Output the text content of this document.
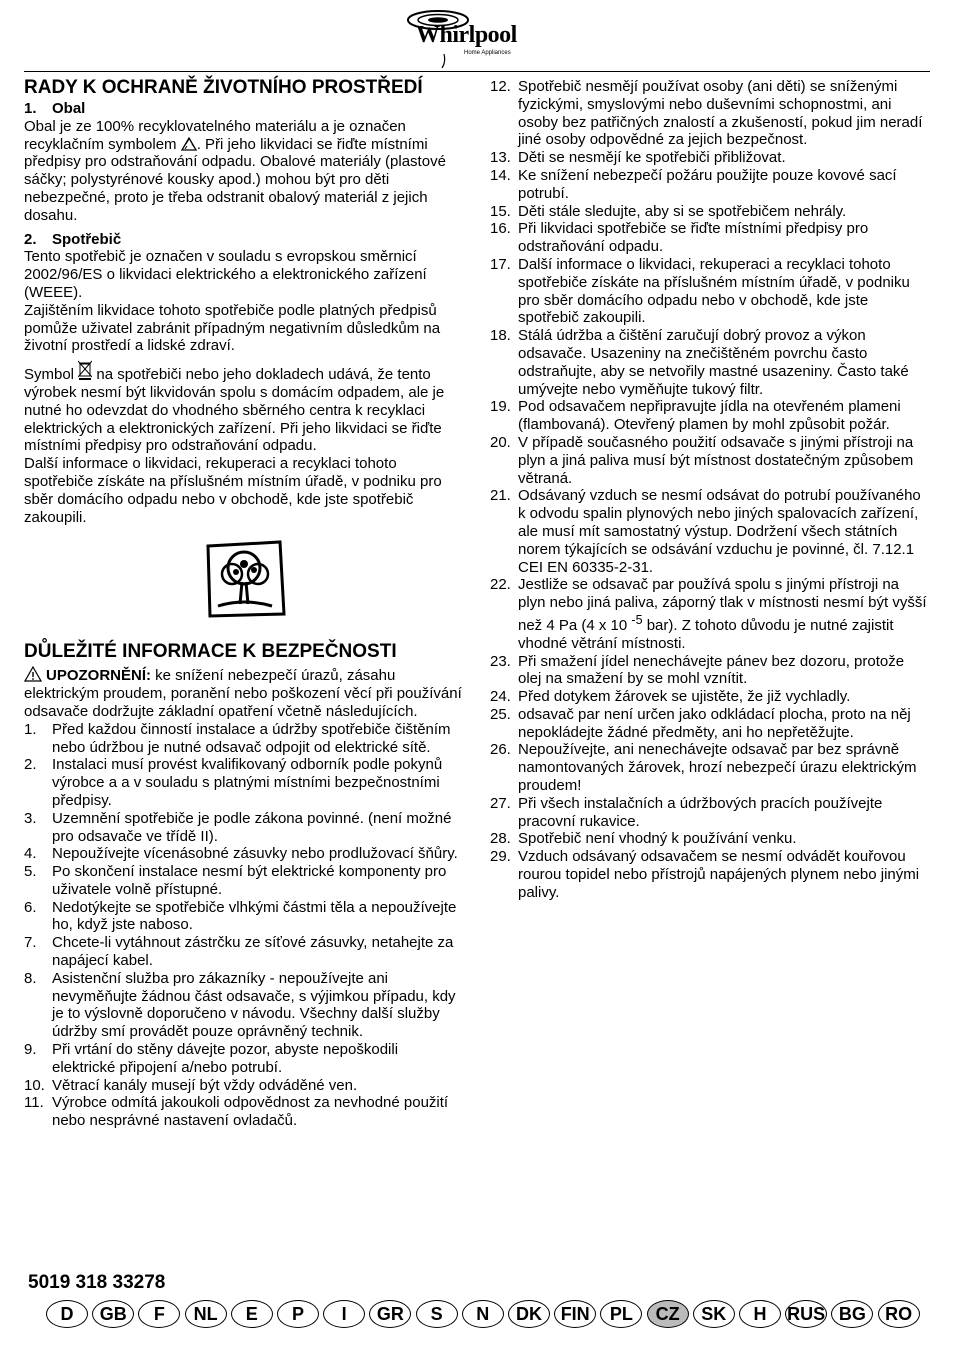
Whirlpool
Home Appliances
RADY K OCHRANĚ ŽIVOTNÍHO PROSTŘEDÍ

1. Obal

Obal je ze 100% recyklovatelného materiálu a je označen recyklačním symbolem . Při jeho likvidaci se řiďte místními předpisy pro odstraňování odpadu. Obalové materiály (plastové sáčky; polystyrénové kousky apod.) mohou být pro děti nebezpečné, proto je třeba odstranit obalový materiál z jejich dosahu.

2. Spotřebič

Tento spotřebič je označen v souladu s evropskou směrnicí 2002/96/ES o likvidaci elektrického a elektronického zařízení (WEEE).

Zajištěním likvidace tohoto spotřebiče podle platných předpisů pomůže uživatel zabránit případným negativním důsledkům na životní prostředí a lidské zdraví.

Symbol  na spotřebiči nebo jeho dokladech udává, že tento výrobek nesmí být likvidován spolu s domácím odpadem, ale je nutné ho odevzdat do vhodného sběrného centra k recyklaci elektrických a elektronických zařízení. Při jeho likvidaci se řiďte místními předpisy pro odstraňování odpadu.

Další informace o likvidaci, rekuperaci a recyklaci tohoto spotřebiče získáte na příslušném místním úřadě, v podniku pro sběr domácího odpadu nebo v obchodě, kde jste spotřebič zakoupili.

DŮLEŽITÉ INFORMACE K BEZPEČNOSTI

UPOZORNĚNÍ: ke snížení nebezpečí úrazů, zásahu elektrickým proudem, poranění nebo poškození věcí při používání odsavače dodržujte základní opatření včetně následujících.

1. Před každou činností instalace a údržby spotřebiče čištěním nebo údržbou je nutné odsavač odpojit od elektrické sítě.
2. Instalaci musí provést kvalifikovaný odborník podle pokynů výrobce a a v souladu s platnými místními bezpečnostními předpisy.
3. Uzemnění spotřebiče je podle zákona povinné. (není možné pro odsavače ve třídě II).
4. Nepoužívejte vícenásobné zásuvky nebo prodlužovací šňůry.
5. Po skončení instalace nesmí být elektrické komponenty pro uživatele volně přístupné.
6. Nedotýkejte se spotřebiče vlhkými částmi těla a nepoužívejte ho, když jste naboso.
7. Chcete-li vytáhnout zástrčku ze síťové zásuvky, netahejte za napájecí kabel.
8. Asistenční služba pro zákazníky - nepoužívejte ani nevyměňujte žádnou část odsavače, s výjimkou případu, kdy je to výslovně doporučeno v návodu. Všechny další služby údržby smí provádět pouze oprávněný technik.
9. Při vrtání do stěny dávejte pozor, abyste nepoškodili elektrické připojení a/nebo potrubí.
10. Větrací kanály musejí být vždy odváděné ven.
11. Výrobce odmítá jakoukoli odpovědnost za nevhodné použití nebo nesprávné nastavení ovladačů.
12. Spotřebič nesmějí používat osoby (ani děti) se sníženými fyzickými, smyslovými nebo duševními schopnostmi, ani osoby bez patřičných znalostí a zkušeností, pokud jim neradí jiné osoby odpovědné za jejich bezpečnost.
13. Děti se nesmějí ke spotřebiči přibližovat.
14. Ke snížení nebezpečí požáru použijte pouze kovové sací potrubí.
15. Děti stále sledujte, aby si se spotřebičem nehrály.
16. Při likvidaci spotřebiče se řiďte místními předpisy pro odstraňování odpadu.
17. Další informace o likvidaci, rekuperaci a recyklaci tohoto spotřebiče získáte na příslušném místním úřadě, v podniku pro sběr domácího odpadu nebo v obchodě, kde jste spotřebič zakoupili.
18. Stálá údržba a čištění zaručují dobrý provoz a výkon odsavače. Usazeniny na znečištěném povrchu často odstraňujte, aby se netvořily mastné usazeniny. Často také umývejte nebo vyměňujte tukový filtr.
19. Pod odsavačem nepřipravujte jídla na otevřeném plameni (flambovaná). Otevřený plamen by mohl způsobit požár.
20. V případě současného použití odsavače s jinými přístroji na plyn a jiná paliva musí být místnost dostatečným způsobem větraná.
21. Odsávaný vzduch se nesmí odsávat do potrubí používaného k odvodu spalin plynových nebo jiných spalovacích zařízení, ale musí mít samostatný výstup. Dodržení všech státních norem týkajících se odsávání vzduchu je povinné, čl. 7.12.1 CEI EN 60335-2-31.
22. Jestliže se odsavač par používá spolu s jinými přístroji na plyn nebo jiná paliva, záporný tlak v místnosti nesmí být vyšší než 4 Pa (4 x 10 $^{-5}$ bar). Z tohoto důvodu je nutné zajistit vhodné větrání místnosti.
23. Při smažení jídel nenechávejte pánev bez dozoru, protože olej na smažení by se mohl vznítit.
24. Před dotykem žárovek se ujistěte, že již vychladly.
25. odsavač par není určen jako odkládací plocha, proto na něj nepokládejte žádné předměty, ani ho nepřetěžujte.
26. Nepoužívejte, ani nenechávejte odsavač par bez správně namontovaných žárovek, hrozí nebezpečí úrazu elektrickým proudem!
27. Při všech instalačních a údržbových pracích používejte pracovní rukavice.
28. Spotřebič není vhodný k používání venku.
29. Vzduch odsávaný odsavačem se nesmí odvádět kouřovou rourou topidel nebo přístrojů napájených plynem nebo jinými palivy.
5019 318 33278
D	GB	F	NL	E	P	I	GR	S	N	DK	FIN	PL	CZ	SK	H	RUS BG	RO
